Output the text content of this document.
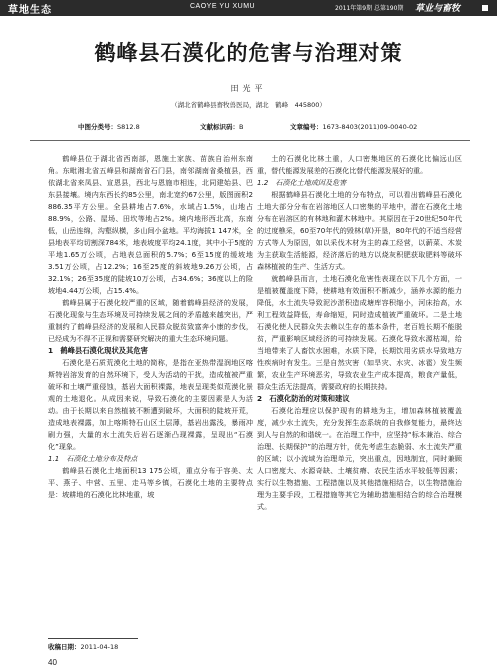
草地生态	CAOYE YU XUMU	2011年第9期 总第190期 草业与畜牧
鹤峰县石漠化的危害与治理对策
田光平
（湖北省鹤峰县畜牧兽医局，湖北　鹤峰　445800）
中图分类号：S812.8	文献标识码：B	文章编号：1673-8403(2011)09-0040-02

鹤峰县位于湖北省西南部，恩施土家族、苗族自治州东南角。东毗湘北省五峰县和湖南省石门县，南邻湖南省桑植县，西依湖北省来凤县、宣恩县，西北与恩施市相连，北同建始县、巴东县接壤。境内东西长约85公里，南北宽约67公里，版图面积2 886.35平方公里。全县耕地占7.6%，水域占1.5%，山地占88.9%，公路、屋场、田坎等地占2%。境内地形西北高，东南低，山岳连绵，沟壑纵横，多山间小盆地。平均海拔1 147米，全县地表平均切割深784米，地表坡度平均24.1度，其中小于5度的平地1.65万公顷，占地表总面积的5.7%；6至15度的缓坡地3.51万公顷，占12.2%；16至25度的斜坡地9.26万公顷，占32.1%；26至35度的陡坡10万公顷，占34.6%；36度以上的险坡地4.44万公顷，占15.4%。

鹤峰县属于石漠化较严重的区域，随着鹤峰县经济的发展，石漠化现象与生态环境及可持续发展之间的矛盾越来越突出，严重制约了鹤峰县经济的发展和人民群众脱贫致富奔小康的步伐，已经成为不得不正视和需要研究解决的重大生态环境问题。

1　鹤峰县石漠化现状及其危害

石漠化是石质荒漠化土地的简称，是指在亚热带湿润地区喀斯特岩溶发育的自然环境下，受人为活动的干扰，造成植被严重破坏和土壤严重侵蚀，基岩大面积裸露，地表呈现类似荒漠化景观的土地退化。从成因来说，导致石漠化的主要因素是人为活动。由于长期以来自然植被不断遭到破坏，大面积的陡坡开荒，造成地表裸露，加上喀斯特石山区土层薄，基岩出露浅，暴雨冲刷力强，大量的水土流失后岩石逐渐凸现裸露，呈现出“石漠化”现象。

1.1　石漠化土地分布及特点

鹤峰县石漠化土地面积13 175公顷，重点分布于容美、太平、燕子、中营、五里、走马等乡镇，石漠化土地的主要特点是：坡耕地的石漠化比林地重，坡

土的石漠化比林土重，人口密集地区的石漠化比偏远山区重，替代能源发展差的石漠化比替代能源发展好的重。

1.2　石漠化土地成因及危害

根据鹤峰县石漠化土地的分布特点，可以看出鹤峰县石漠化土地大部分分布在岩溶地区人口密集的平地中，潜在石漠化土地分布在岩溶区的有林地和灌木林地中。其原因在于20世纪50年代的过度樵采，60至70年代的毁林(草)开垦，80年代的不适当经营方式等人为原因，如以采伐木材为主的森工经营，以薪菜、木炭为主获取生活能源，经济落后的地方以烧灰积肥获取肥料等破坏森林植被的生产、生活方式。

就鹤峰县而言，土地石漠化危害性表现在以下几个方面，一是植被覆盖度下降，使耕地有效面积不断减少，涵养水源的能力降低，水土流失导致泥沙淤积造成塘库容积缩小，河床抬高，水利工程效益降低，寿命缩短，同时造成植被严重破坏。二是土地石漠化使人民群众失去赖以生存的基本条件，老百姓长期不能脱贫，严重影响区域经济的可持续发展。石漠化导致水源枯竭，给当地带来了人畜饮水困难，水质下降，长期饮用劣质水导致地方性疾病时有发生。三是自然灾害（如旱灾、水灾、冰雹）发生频繁，农业生产环境恶劣，导致农业生产成本提高，粮食产量低，群众生活无法提高，需要政府的长期扶持。

2　石漠化防治的对策和建议

石漠化治理应以保护现有的耕地为主，增加森林植被覆盖度，减少水土流失，充分发挥生态系统的自我修复能力，最终达到人与自然的和谐统一。在治理工作中，应坚持“标本兼治、综合治理、长期保护”的治理方针，优先考虑生态脆弱、水土流失严重的区域；以小流域为治理单元，突出重点，因地制宜，同时兼顾人口密度大、水源奇缺、土壤贫瘠、农民生活水平较低等因素；实行以生物措施、工程措施以及其他措施相结合，以生物措施治理为主要手段，工程措施等其它为辅助措施相结合的综合治理模式。

收稿日期：2011-04-18
40
